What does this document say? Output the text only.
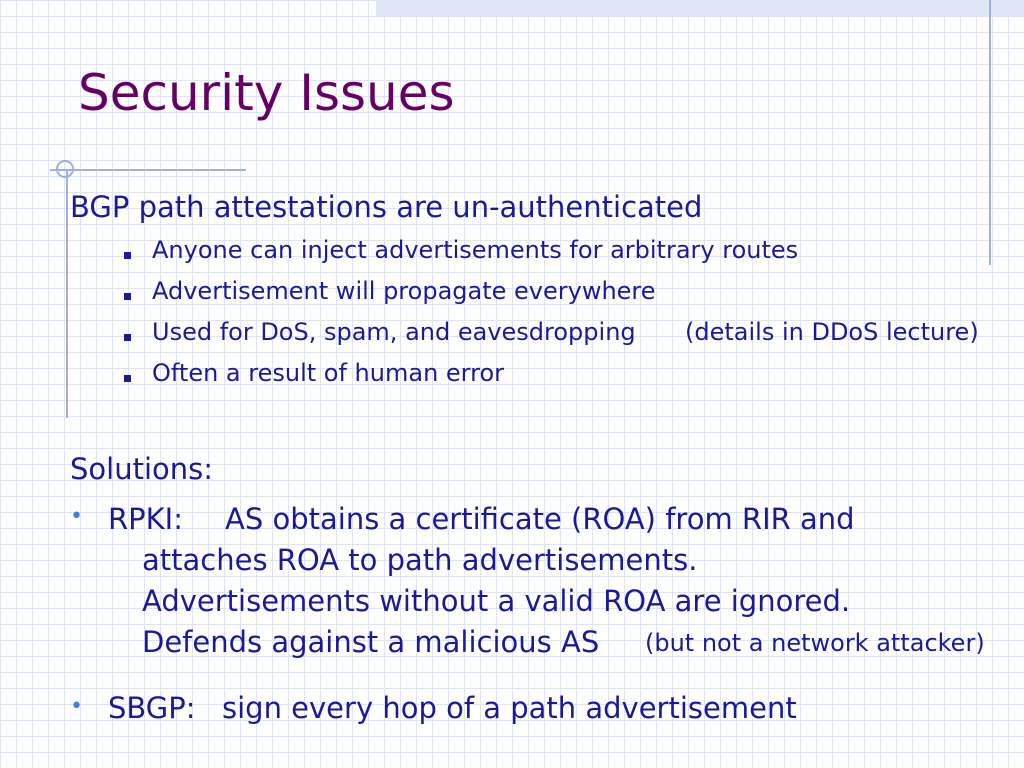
Security Issues
BGP path attestations are un-authenticated
Anyone can inject advertisements for arbitrary routes
Advertisement will propagate everywhere
Used for DoS, spam, and eavesdropping (details in DDoS lecture)
Often a result of human error
Solutions:
• RPKI: AS obtains a certificate (ROA) from RIR and
attaches ROA to path advertisements.
Advertisements without a valid ROA are ignored.
Defends against a malicious AS (but not a network attacker)
• SBGP: sign every hop of a path advertisement
